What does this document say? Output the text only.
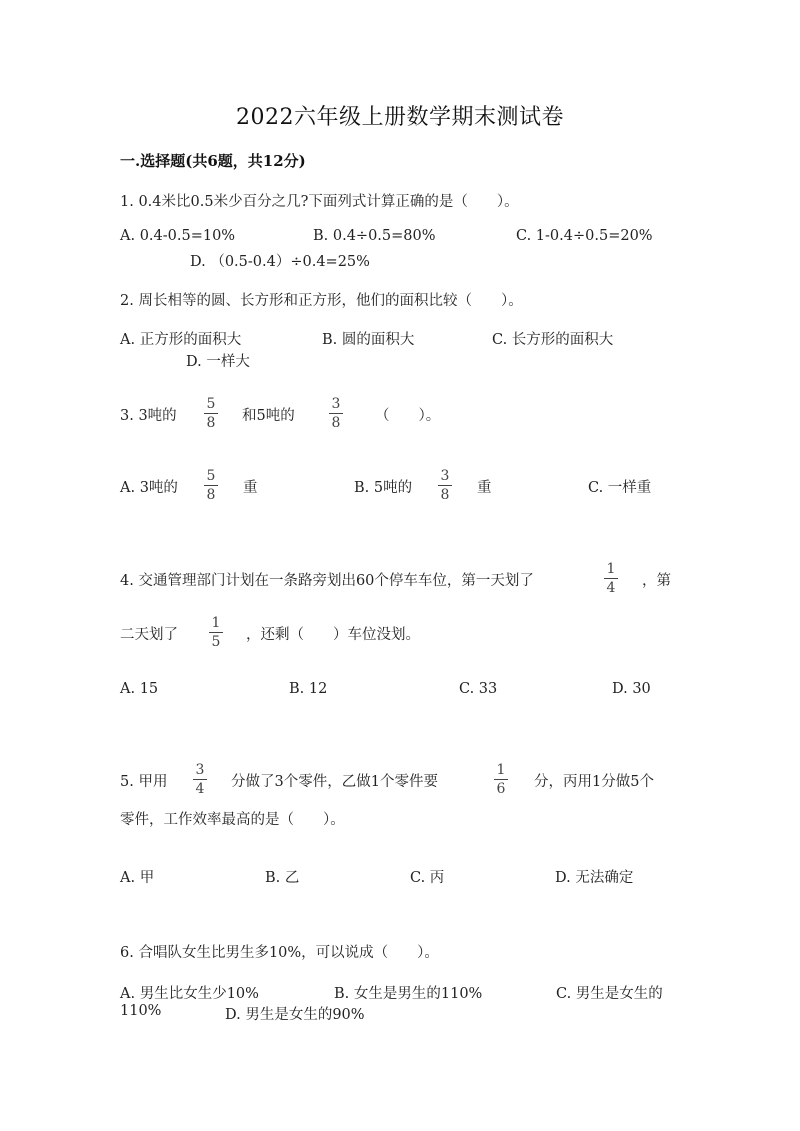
2022六年级上册数学期末测试卷
一.选择题(共6题，共12分)
1. 0.4米比0.5米少百分之几?下面列式计算正确的是（　　）。
A. 0.4-0.5=10%	B. 0.4÷0.5=80%	C. 1-0.4÷0.5=20%
D. （0.5-0.4）÷0.4=25%
2. 周长相等的圆、长方形和正方形，他们的面积比较（　　）。
A. 正方形的面积大	B. 圆的面积大	C. 长方形的面积大
D. 一样大
3. 3吨的
5
8	和5吨的
3
8	（　　）。
A. 3吨的
5
8	重	B. 5吨的
3
8	重	C. 一样重
4. 交通管理部门计划在一条路旁划出60个停车车位，第一天划了
1
4	，第
二天划了
1
5	，还剩（　　）车位没划。
A. 15	B. 12	C. 33	D. 30
5. 甲用
3
4	分做了3个零件，乙做1个零件要
1
6	分，丙用1分做5个
零件，工作效率最高的是（　　）。
A. 甲	B. 乙	C. 丙	D. 无法确定
6. 合唱队女生比男生多10%，可以说成（　　）。
A. 男生比女生少10%	B. 女生是男生的110%	C. 男生是女生的
110%	D. 男生是女生的90%
